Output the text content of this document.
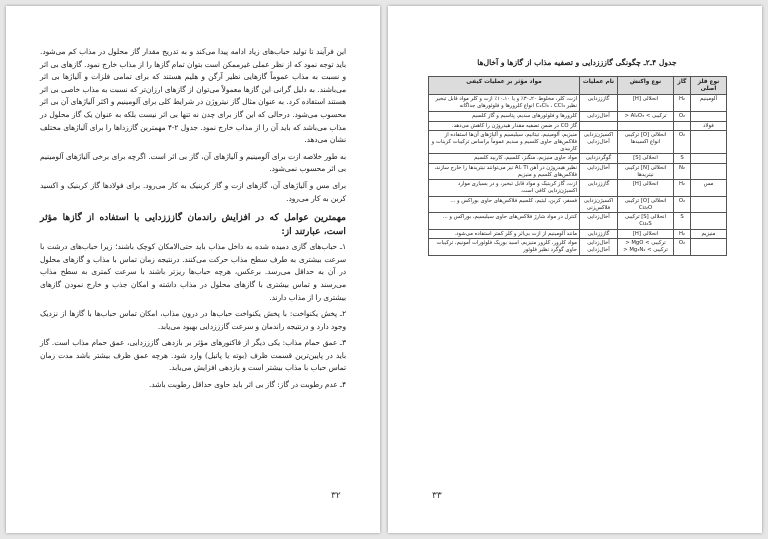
این فرآیند تا تولید حباب‌های زیاد ادامه پیدا می‌کند و به تدریج مقدار گاز محلول در مذاب کم می‌شود. باید توجه نمود که از نظر عملی غیرممکن است بتوان تمام گازها را از مذاب خارج نمود. گازهای بی اثر و نسبت به مذاب عموماً گازهایی نظیر آرگن و هلیم هستند که برای تمامی فلزات و آلیاژها بی اثر می‌باشند. به دلیل گرانی این گازها معمولاً می‌توان از گازهای ارزان‌تر که نسبت به مذاب خاصی بی اثر هستند استفاده کرد. به عنوان مثال گاز نیتروژن در شرایط کلی برای آلومینیم و اکثر آلیاژهای آن بی اثر محسوب می‌شود. درحالی که این گاز برای چدن نه تنها بی اثر نیست بلکه به عنوان یک گاز محلول در مذاب می‌باشد که باید آن را از مذاب خارج نمود. جدول ۲-۴ مهمترین گاززداها را برای آلیاژهای مختلف نشان می‌دهد.

به طور خلاصه ازت برای آلومینیم و آلیاژهای آن، گاز بی اثر است. اگرچه برای برخی آلیاژهای آلومینیم بی اثر محسوب نمی‌شود.

برای مس و آلیاژهای آن، گازهای ازت و گاز کربنیک به کار می‌رود. برای فولادها گاز کربنیک و اکسید کربن به کار می‌رود.

مهمترین عوامل که در افزایش راندمان گازززدایی با استفاده از گازها مؤثر است، عبارتند از:

۱ـ حباب‌های گازی دمیده شده به داخل مذاب باید حتی‌الامکان کوچک باشند؛ زیرا حباب‌های درشت با سرعت بیشتری به طرف سطح مذاب حرکت می‌کنند. درنتیجه زمان تماس با مذاب و گازهای محلول در آن به حداقل می‌رسد. برعکس، هرچه حباب‌ها ریزتر باشند با سرعت کمتری به سطح مذاب می‌رسند و تماس بیشتری با گازهای محلول در مذاب داشته و امکان جذب و خارج نمودن گازهای بیشتری را از مذاب دارند.

۲ـ پخش یکنواخت: با پخش یکنواخت حباب‌ها در درون مذاب، امکان تماس حباب‌ها با گازها از نزدیک وجود دارد و درنتیجه راندمان و سرعت گازززدایی بهبود می‌یابد.

۳ـ عمق حمام مذاب: یکی دیگر از فاکتورهای مؤثر بر بازدهی گازززدایی، عمق حمام مذاب است. گاز باید در پایین‌ترین قسمت ظرف (بوته یا پاتیل) وارد شود. هرچه عمق ظرف بیشتر باشد مدت زمان تماس حباب با مذاب بیشتر است و بازدهی افزایش می‌یابد.

۴ـ عدم رطوبت در گاز: گاز بی اثر باید حاوی حداقل رطوبت باشد.

۳۲
جدول ۴ـ۲ـ چگونگی گازززدایی و تصفیه مذاب از گازها و آخال‌ها
نوع فلز اصلی	گاز	نوع واکنش	نام عملیات	مواد مؤثر بر عملیات کیفی
آلومینیم	H₂	انحلالی [H]	گازززدایی	ازت، کلر، مخلوط ۲۰ـ۳۰٪ و یا ۱۰ـ۱۰٪ ازت و کلر مواد قابل تبخیر نظیر C₂Cl₆ ، CCl₄ انواع کلرورها و فلوئورهای جداگانه
	O₂	ترکیبی > Al₂O₃ <	آخال‌زدایی	کلرورها و فلوئورهای سدیم، پتاسیم و گاز کلسیم
فولاد				گاز CO در ضمن تصفیه مقدار هیدروژن را کاهش می‌دهد.
	O₂	انحلالی [O] ترکیبی انواع اکسیدها	اکسیژن‌زدایی آخال‌زدایی	منیزیم، آلومینیم، تیتانیم، سیلیسیم و آلیاژهای آن‌ها استفاده از فلاکس‌های حاوی کلسیم و سدیم عموماً براساس ترکیبات کربنات و کاربیدی
	S	انحلالی [S]	گوگردزدایی	مواد حاوی منیزیم، منگنز، کلسیم، کاربید کلسیم
	N₂	انحلالی [N] ترکیبی نیتریدها	آخال‌زدایی	نظیر هیدروژن در آهن Al، Ti نیز می‌توانند نیتریدها را خارج سازند، فلاکس‌های کلسیم و منیزیم
مس	H₂	انحلالی [H]	گازززدایی	ازت، گاز کربنیک و مواد قابل تبخیر، و در بسیاری موارد اکسیژن‌زدایی کافی است.
	O₂	انحلالی [O] ترکیبی Cu₂O	اکسیژن‌زدایی فلاکس‌زنی	فسفر، کربن، لیتیم، کلسیم فلاکس‌های حاوی بوراکس و ...
	S	انحلالی [S] ترکیبی Cu₂S	آخال‌زدایی	کنترل در مواد شارژ فلاکس‌های حاوی سیلیسیم، بوراکس و ...
منیزیم	H₂	انحلالی [H]	گازززدایی	مانند آلومینیم از ازت بی‌اثر و کلر کمتر استفاده می‌شود.
	O₂	ترکیبی > MgO < ترکیبی > Mg₃N₂ <	آخال‌زدایی آخال‌زدایی	مواد کلرور، کلرور منیزیم، اسید بوریک فلوئورات آمونیم، ترکیبات حاوی گوگرد نظیر فلوئور
۳۳
